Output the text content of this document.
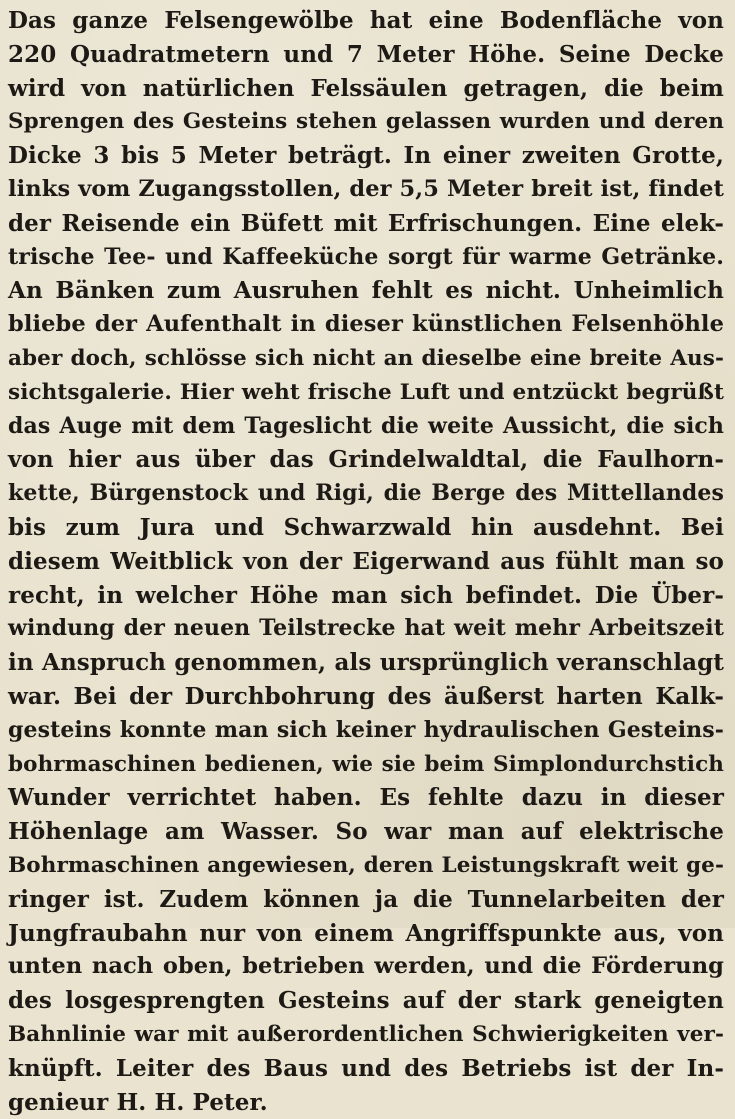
Das ganze Felsengewölbe hat eine Bodenfläche von
220 Quadratmetern und 7 Meter Höhe. Seine Decke
wird von natürlichen Felssäulen getragen, die beim
Sprengen des Gesteins stehen gelassen wurden und deren
Dicke 3 bis 5 Meter beträgt. In einer zweiten Grotte,
links vom Zugangsstollen, der 5,5 Meter breit ist, findet
der Reisende ein Büfett mit Erfrischungen. Eine elek-
trische Tee- und Kaffeeküche sorgt für warme Getränke.
An Bänken zum Ausruhen fehlt es nicht. Unheimlich
bliebe der Aufenthalt in dieser künstlichen Felsenhöhle
aber doch, schlösse sich nicht an dieselbe eine breite Aus-
sichtsgalerie. Hier weht frische Luft und entzückt begrüßt
das Auge mit dem Tageslicht die weite Aussicht, die sich
von hier aus über das Grindelwaldtal, die Faulhorn-
kette, Bürgenstock und Rigi, die Berge des Mittellandes
bis zum Jura und Schwarzwald hin ausdehnt. Bei
diesem Weitblick von der Eigerwand aus fühlt man so
recht, in welcher Höhe man sich befindet. Die Über-
windung der neuen Teilstrecke hat weit mehr Arbeitszeit
in Anspruch genommen, als ursprünglich veranschlagt
war. Bei der Durchbohrung des äußerst harten Kalk-
gesteins konnte man sich keiner hydraulischen Gesteins-
bohrmaschinen bedienen, wie sie beim Simplondurchstich
Wunder verrichtet haben. Es fehlte dazu in dieser
Höhenlage am Wasser. So war man auf elektrische
Bohrmaschinen angewiesen, deren Leistungskraft weit ge-
ringer ist. Zudem können ja die Tunnelarbeiten der
Jungfraubahn nur von einem Angriffspunkte aus, von
unten nach oben, betrieben werden, und die Förderung
des losgesprengten Gesteins auf der stark geneigten
Bahnlinie war mit außerordentlichen Schwierigkeiten ver-
knüpft. Leiter des Baus und des Betriebs ist der In-
genieur H. H. Peter.
